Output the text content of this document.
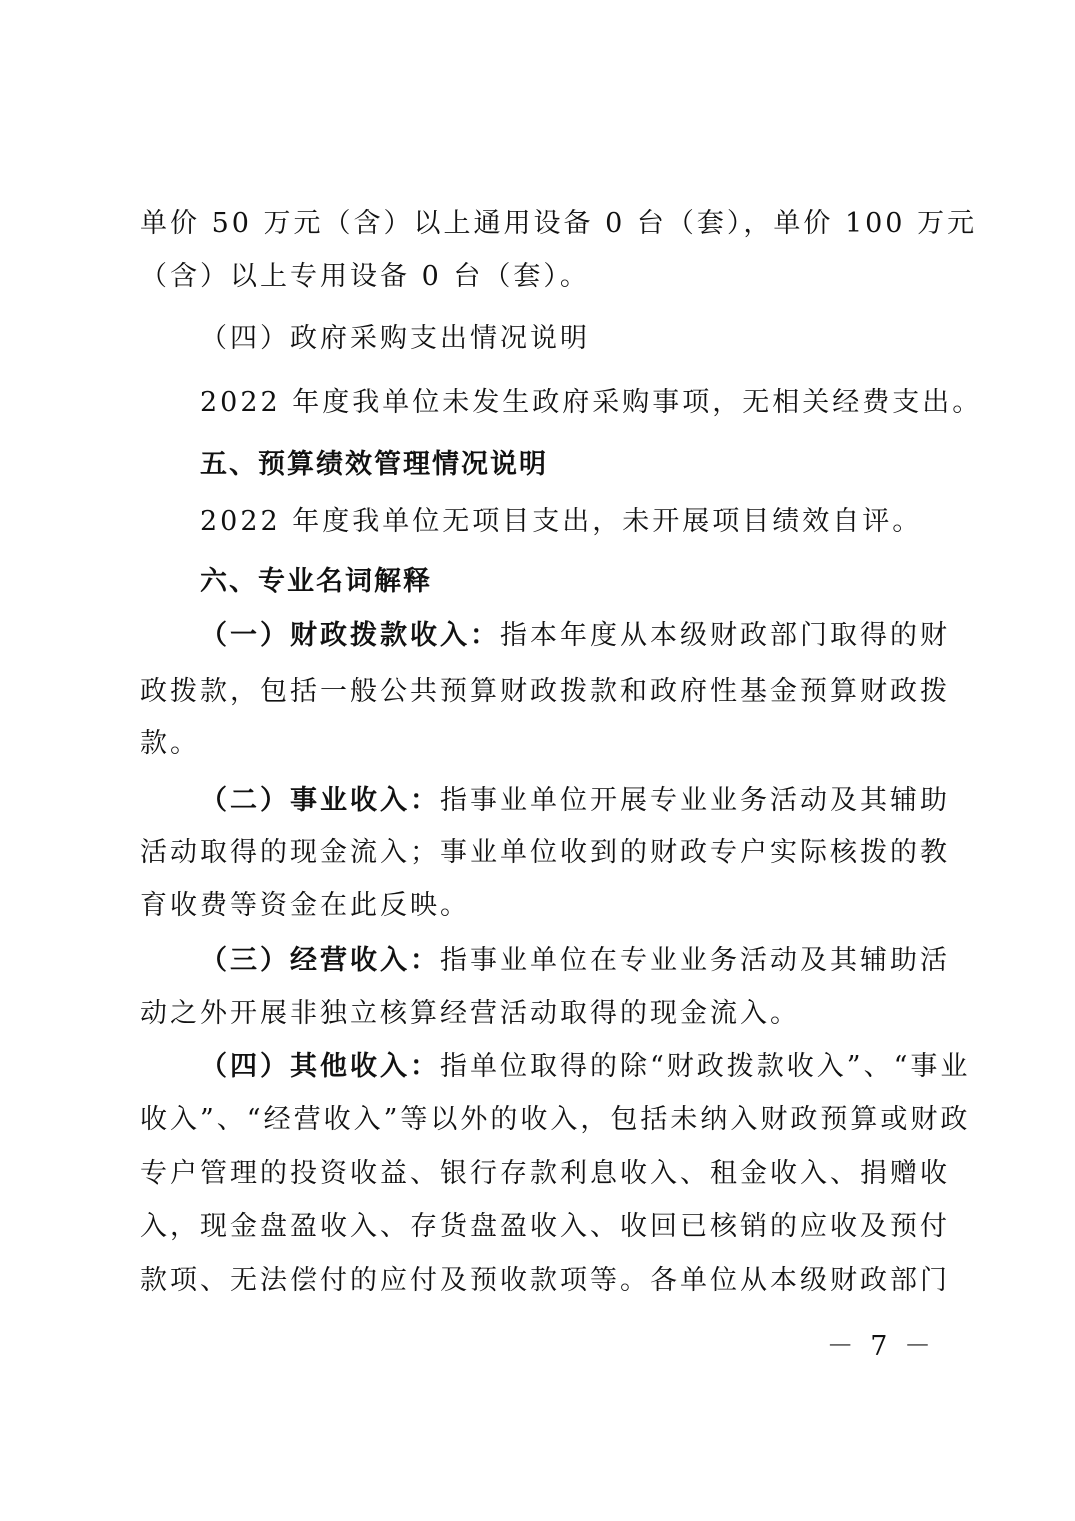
单价 50 万元（含）以上通用设备 0 台（套），单价 100 万元
（含）以上专用设备 0 台（套）。
（四）政府采购支出情况说明
2022 年度我单位未发生政府采购事项，无相关经费支出。
五、预算绩效管理情况说明
2022 年度我单位无项目支出，未开展项目绩效自评。
六、专业名词解释
（一）财政拨款收入：指本年度从本级财政部门取得的财
政拨款，包括一般公共预算财政拨款和政府性基金预算财政拨
款。
（二）事业收入：指事业单位开展专业业务活动及其辅助
活动取得的现金流入；事业单位收到的财政专户实际核拨的教
育收费等资金在此反映。
（三）经营收入：指事业单位在专业业务活动及其辅助活
动之外开展非独立核算经营活动取得的现金流入。
（四）其他收入：指单位取得的除“财政拨款收入”、“事业
收入”、“经营收入”等以外的收入，包括未纳入财政预算或财政
专户管理的投资收益、银行存款利息收入、租金收入、捐赠收
入，现金盘盈收入、存货盘盈收入、收回已核销的应收及预付
款项、无法偿付的应付及预收款项等。各单位从本级财政部门
－ 7 －
